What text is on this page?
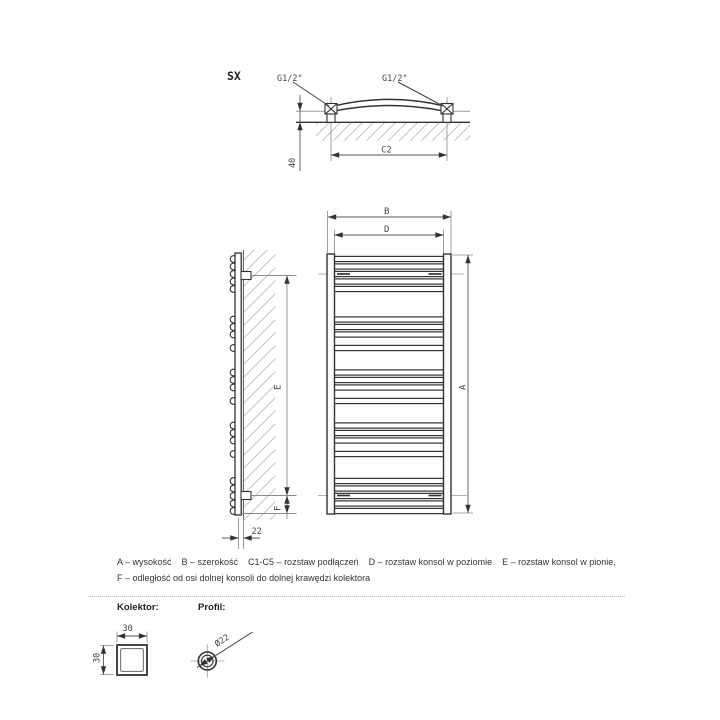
SX	G1/2"	G1/2"
40
C2
B
D
A
E
F
22
30
30
Ø22
A – wysokość    B – szerokość    C1-C5 – rozstaw podłączeń    D – rozstaw konsol w poziomie    E – rozstaw konsol w pionie,
F – odległość od osi dolnej konsoli do dolnej krawędzi kolektora
Kolektor:	Profil:
